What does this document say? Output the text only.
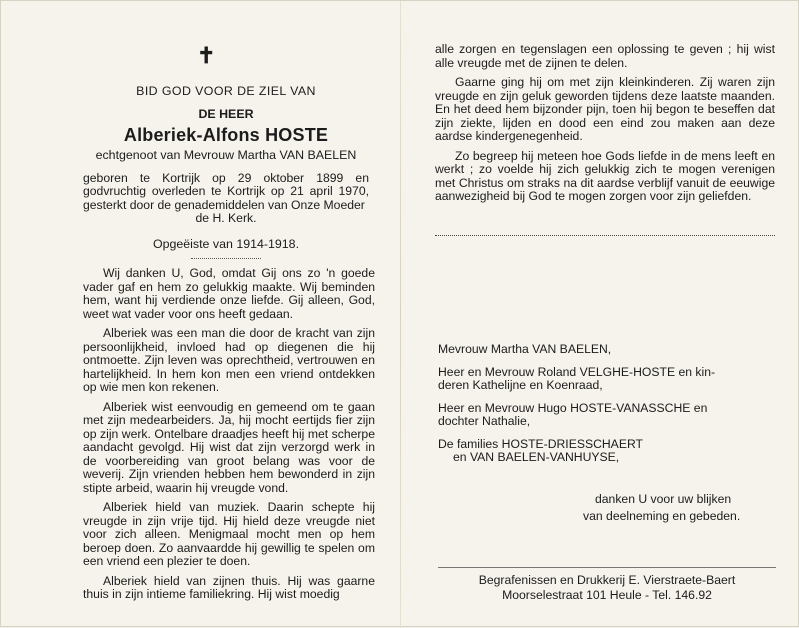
✝
BID GOD VOOR DE ZIEL VAN
DE HEER
Alberiek-Alfons HOSTE
echtgenoot van Mevrouw Martha VAN BAELEN
geboren te Kortrijk op 29 oktober 1899 en godvruchtig overleden te Kortrijk op 21 april 1970, gesterkt door de genademiddelen van Onze Moeder
de H. Kerk.
Opgeëiste van 1914-1918.

Wij danken U, God, omdat Gij ons zo 'n goede vader gaf en hem zo gelukkig maakte. Wij beminden hem, want hij verdiende onze liefde. Gij alleen, God, weet wat vader voor ons heeft gedaan.

Alberiek was een man die door de kracht van zijn persoonlijkheid, invloed had op diegenen die hij ontmoette. Zijn leven was oprechtheid, vertrouwen en hartelijkheid. In hem kon men een vriend ontdekken op wie men kon rekenen.

Alberiek wist eenvoudig en gemeend om te gaan met zijn medearbeiders. Ja, hij mocht eertijds fier zijn op zijn werk. Ontelbare draadjes heeft hij met scherpe aandacht gevolgd. Hij wist dat zijn verzorgd werk in de voorbereiding van groot belang was voor de weverij. Zijn vrienden hebben hem bewonderd in zijn stipte arbeid, waarin hij vreugde vond.

Alberiek hield van muziek. Daarin schepte hij vreugde in zijn vrije tijd. Hij hield deze vreugde niet voor zich alleen. Menigmaal mocht men op hem beroep doen. Zo aanvaardde hij gewillig te spelen om een vriend een plezier te doen.

Alberiek hield van zijnen thuis. Hij was gaarne thuis in zijn intieme familiekring. Hij wist moedig

alle zorgen en tegenslagen een oplossing te geven ; hij wist alle vreugde met de zijnen te delen.

Gaarne ging hij om met zijn kleinkinderen. Zij waren zijn vreugde en zijn geluk geworden tijdens deze laatste maanden. En het deed hem bijzonder pijn, toen hij begon te beseffen dat zijn ziekte, lijden en dood een eind zou maken aan deze aardse kindergenegenheid.

Zo begreep hij meteen hoe Gods liefde in de mens leeft en werkt ; zo voelde hij zich gelukkig zich te mogen verenigen met Christus om straks na dit aardse verblijf vanuit de eeuwige aanwezigheid bij God te mogen zorgen voor zijn geliefden.

Mevrouw Martha VAN BAELEN,
Heer en Mevrouw Roland VELGHE-HOSTE en kin-
deren Kathelijne en Koenraad,
Heer en Mevrouw Hugo HOSTE-VANASSCHE en
dochter Nathalie,
De families HOSTE-DRIESSCHAERT
en VAN BAELEN-VANHUYSE,
danken U voor uw blijken
van deelneming en gebeden.
Begrafenissen en Drukkerij E. Vierstraete-Baert
Moorselestraat 101 Heule - Tel. 146.92
